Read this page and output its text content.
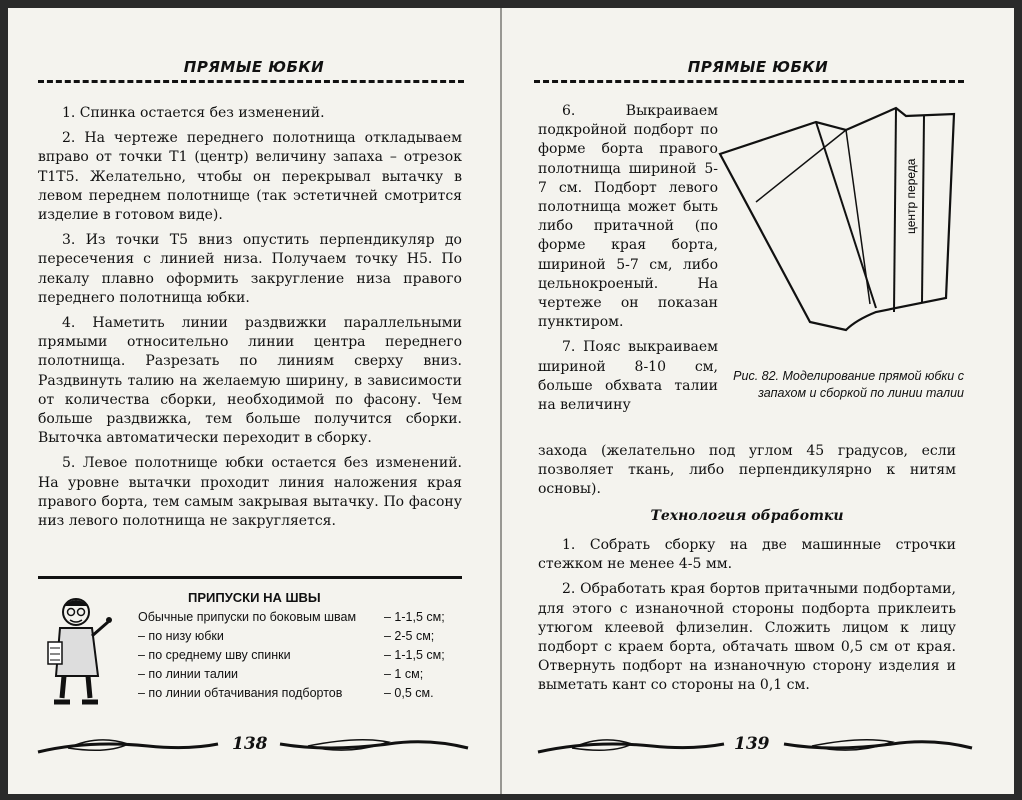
ПРЯМЫЕ ЮБКИ

1. Спинка остается без изменений.

2. На чертеже переднего полотнища откладываем вправо от точки Т1 (центр) величину запаха – отрезок Т1Т5. Желательно, чтобы он перекрывал вытачку в левом переднем полотнище (так эстетичней смотрится изделие в готовом виде).

3. Из точки Т5 вниз опустить перпендикуляр до пересечения с линией низа. Получаем точку Н5. По лекалу плавно оформить закругление низа правого переднего полотнища юбки.

4. Наметить линии раздвижки параллельными прямыми относительно линии центра переднего полотнища. Разрезать по линиям сверху вниз. Раздвинуть талию на желаемую ширину, в зависимости от количества сборки, необходимой по фасону. Чем больше раздвижка, тем больше получится сборки. Выточка автоматически переходит в сборку.

5. Левое полотнище юбки остается без изменений. На уровне вытачки проходит линия наложения края правого борта, тем самым закрывая вытачку. По фасону низ левого полотнища не закругляется.

ПРИПУСКИ НА ШВЫ
Обычные припуски по боковым швам – 1-1,5 см;
– по низу юбки	– 2-5 см;
– по среднему шву спинки	– 1-1,5 см;
– по линии талии	– 1 см;
– по линии обтачивания подбортов	– 0,5 см.
138
ПРЯМЫЕ ЮБКИ

6. Выкраиваем подкройной подборт по форме борта правого полотнища шириной 5-7 см. Подборт левого полотнища может быть либо притачной (по форме края борта, шириной 5-7 см, либо цельнокроеный. На чертеже он показан пунктиром.

7. Пояс выкраиваем шириной 8-10 см, больше обхвата талии на величину

центр переда
Рис. 82. Моделирование прямой юбки с запахом и сборкой по линии талии
захода (желательно под углом 45 градусов, если позволяет ткань, либо перпендикулярно к нитям основы).
Технология обработки

1. Собрать сборку на две машинные строчки стежком не менее 4-5 мм.

2. Обработать края бортов притачными подбортами, для этого с изнаночной стороны подборта приклеить утюгом клеевой флизелин. Сложить лицом к лицу подборт с краем борта, обтачать швом 0,5 см от края. Отвернуть подборт на изнаночную сторону изделия и выметать кант со стороны на 0,1 см.

139
